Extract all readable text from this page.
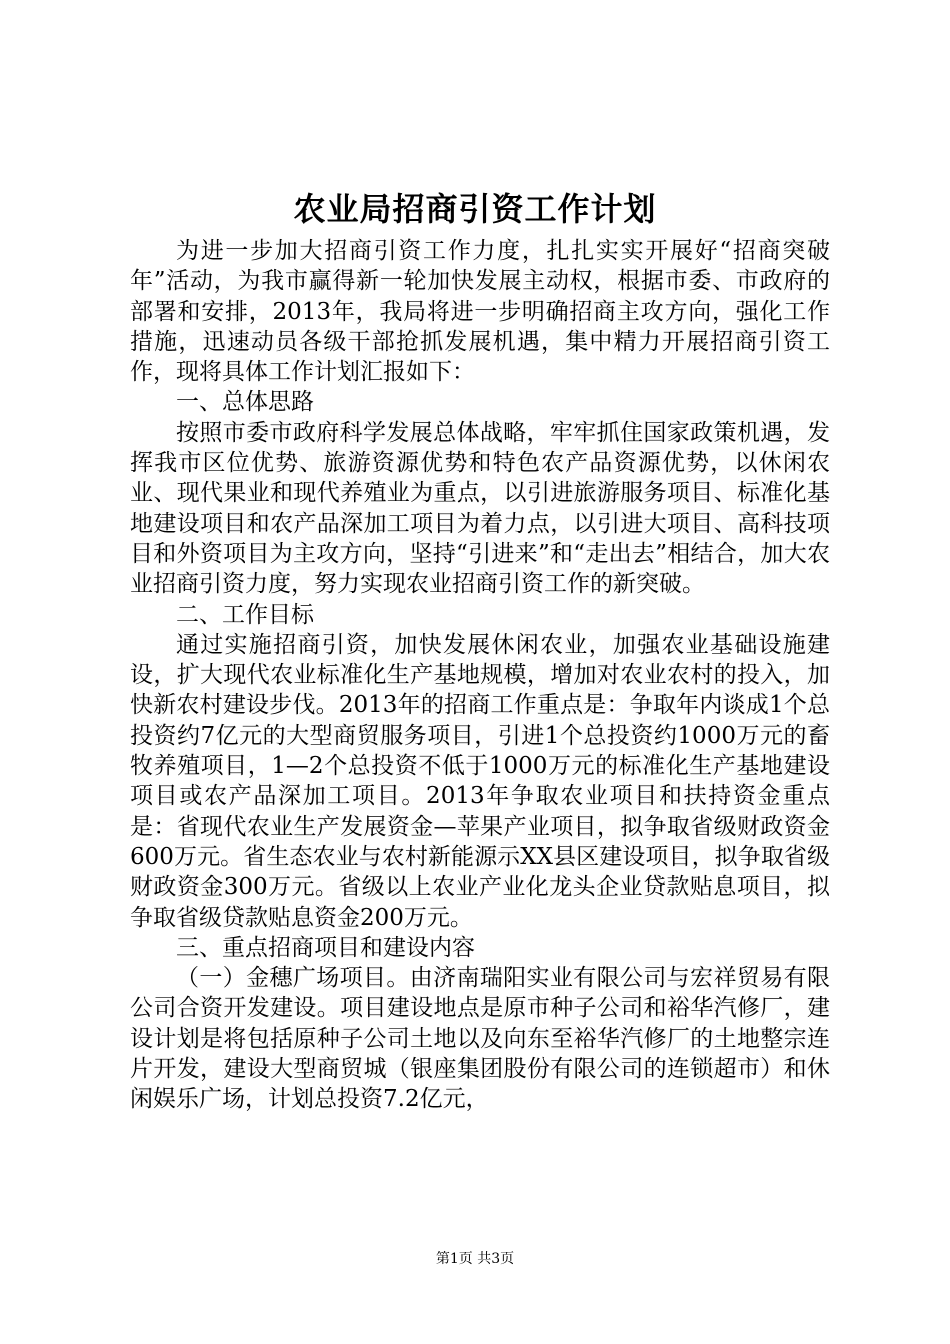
农业局招商引资工作计划

为进一步加大招商引资工作力度，扎扎实实开展好“招商突破年”活动，为我市赢得新一轮加快发展主动权，根据市委、市政府的部署和安排，2013年，我局将进一步明确招商主攻方向，强化工作措施，迅速动员各级干部抢抓发展机遇，集中精力开展招商引资工作，现将具体工作计划汇报如下：

一、总体思路

按照市委市政府科学发展总体战略，牢牢抓住国家政策机遇，发挥我市区位优势、旅游资源优势和特色农产品资源优势，以休闲农业、现代果业和现代养殖业为重点，以引进旅游服务项目、标准化基地建设项目和农产品深加工项目为着力点，以引进大项目、高科技项目和外资项目为主攻方向，坚持“引进来”和“走出去”相结合，加大农业招商引资力度，努力实现农业招商引资工作的新突破。

二、工作目标

通过实施招商引资，加快发展休闲农业，加强农业基础设施建设，扩大现代农业标准化生产基地规模，增加对农业农村的投入，加快新农村建设步伐。2013年的招商工作重点是：争取年内谈成1个总投资约7亿元的大型商贸服务项目，引进1个总投资约1000万元的畜牧养殖项目，1—2个总投资不低于1000万元的标准化生产基地建设项目或农产品深加工项目。2013年争取农业项目和扶持资金重点是：省现代农业生产发展资金—苹果产业项目，拟争取省级财政资金600万元。省生态农业与农村新能源示XX县区建设项目，拟争取省级财政资金300万元。省级以上农业产业化龙头企业贷款贴息项目，拟争取省级贷款贴息资金200万元。

三、重点招商项目和建设内容

（一）金穗广场项目。由济南瑞阳实业有限公司与宏祥贸易有限公司合资开发建设。项目建设地点是原市种子公司和裕华汽修厂，建设计划是将包括原种子公司土地以及向东至裕华汽修厂的土地整宗连片开发，建设大型商贸城（银座集团股份有限公司的连锁超市）和休闲娱乐广场，计划总投资7.2亿元，

第1页 共3页
